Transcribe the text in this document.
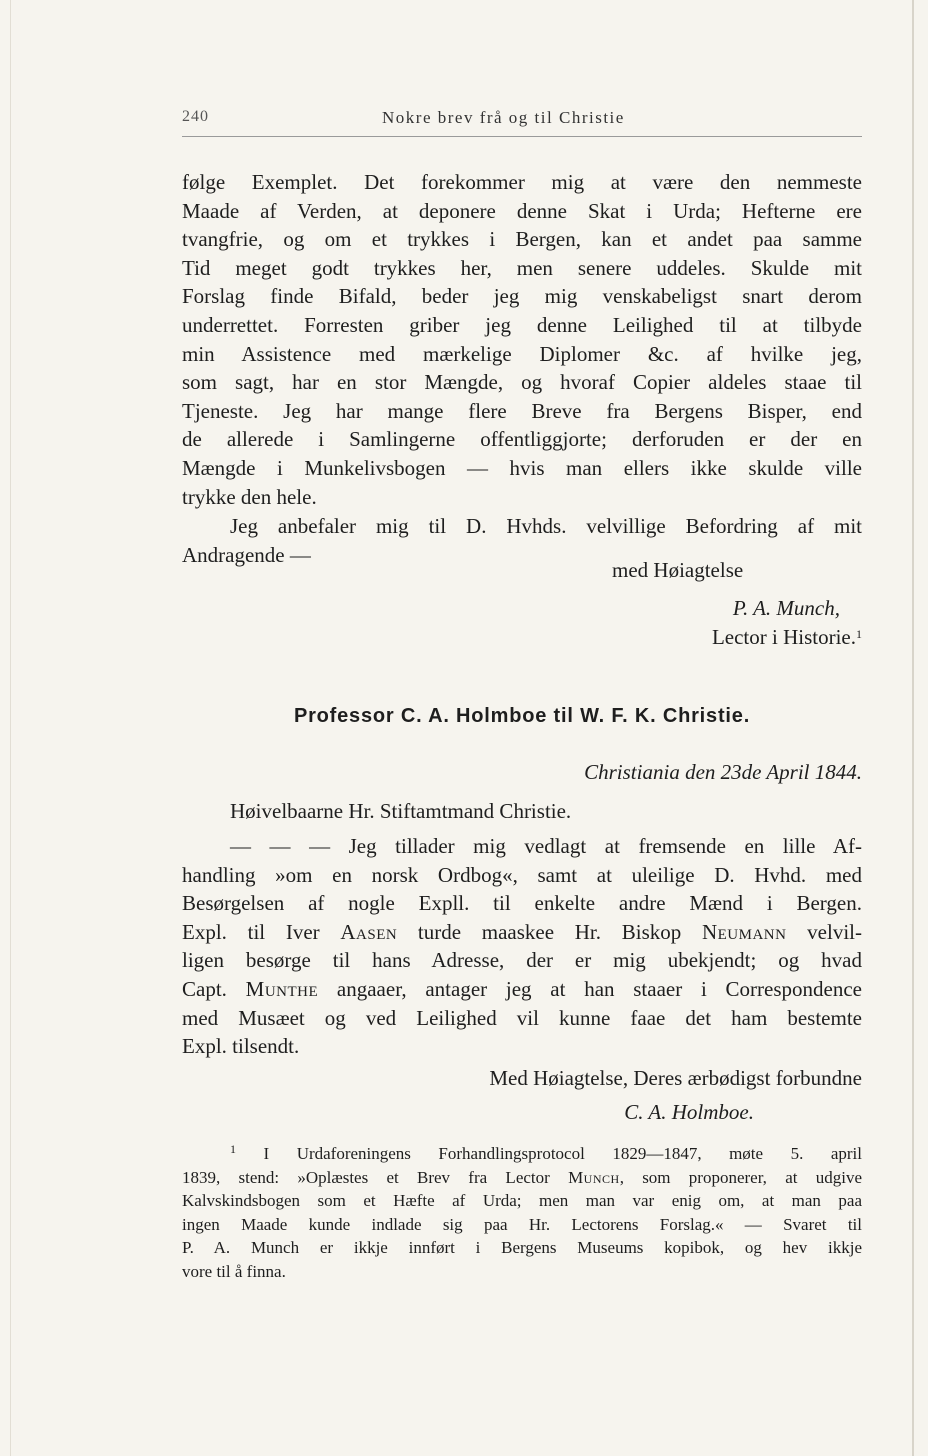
240	Nokre brev frå og til Christie
følge Exemplet. Det forekommer mig at være den nemmeste
Maade af Verden, at deponere denne Skat i Urda; Hefterne ere
tvangfrie, og om et trykkes i Bergen, kan et andet paa samme
Tid meget godt trykkes her, men senere uddeles. Skulde mit
Forslag finde Bifald, beder jeg mig venskabeligst snart derom
underrettet. Forresten griber jeg denne Leilighed til at tilbyde
min Assistence med mærkelige Diplomer &c. af hvilke jeg,
som sagt, har en stor Mængde, og hvoraf Copier aldeles staae til
Tjeneste. Jeg har mange flere Breve fra Bergens Bisper, end
de allerede i Samlingerne offentliggjorte; derforuden er der en
Mængde i Munkelivsbogen — hvis man ellers ikke skulde ville
trykke den hele.
Jeg anbefaler mig til D. Hvhds. velvillige Befordring af mit
Andragende —
med Høiagtelse
P. A. Munch,
Lector i Historie.$^1$
Professor C. A. Holmboe til W. F. K. Christie.
Christiania den 23de April 1844.
Høivelbaarne Hr. Stiftamtmand Christie.
— — — Jeg tillader mig vedlagt at fremsende en lille Af-
handling »om en norsk Ordbog«, samt at uleilige D. Hvhd. med
Besørgelsen af nogle Expll. til enkelte andre Mænd i Bergen.
Expl. til Iver Aasen turde maaskee Hr. Biskop Neumann velvil-
ligen besørge til hans Adresse, der er mig ubekjendt; og hvad
Capt. Munthe angaaer, antager jeg at han staaer i Correspondence
med Musæet og ved Leilighed vil kunne faae det ham bestemte
Expl. tilsendt.
Med Høiagtelse, Deres ærbødigst forbundne
C. A. Holmboe.
$^1$ I Urdaforeningens Forhandlingsprotocol 1829—1847, møte 5. april
1839, stend: »Oplæstes et Brev fra Lector Munch, som proponerer, at udgive
Kalvskindsbogen som et Hæfte af Urda; men man var enig om, at man paa
ingen Maade kunde indlade sig paa Hr. Lectorens Forslag.« — Svaret til
P. A. Munch er ikkje innført i Bergens Museums kopibok, og hev ikkje
vore til å finna.
